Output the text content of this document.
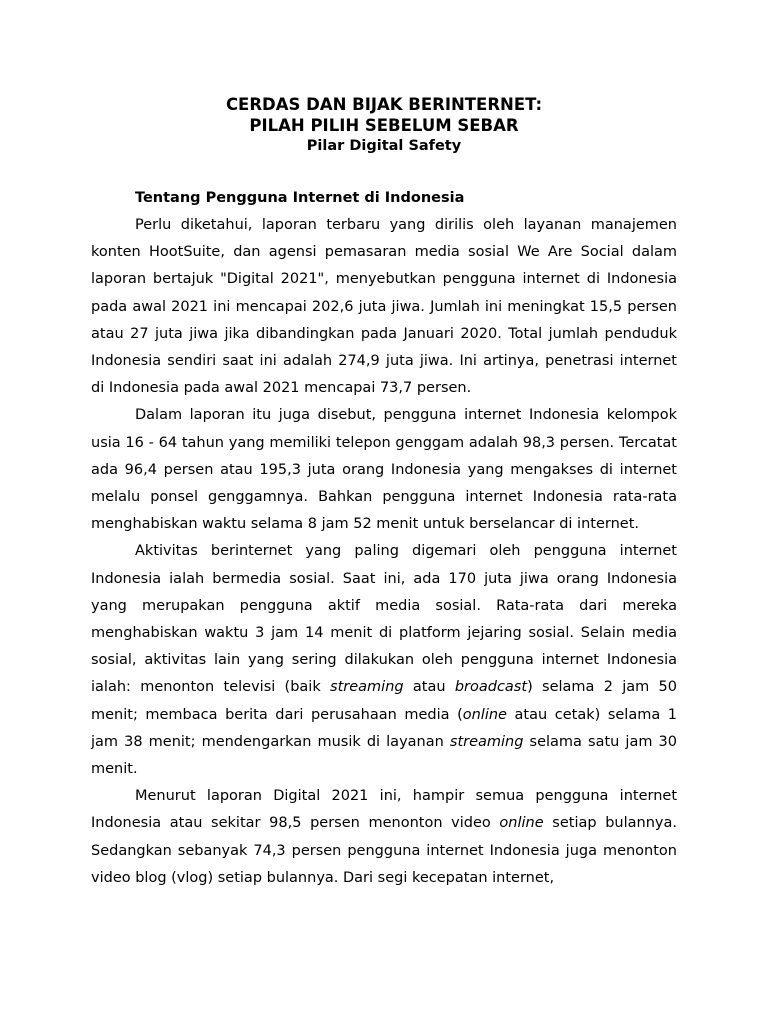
CERDAS DAN BIJAK BERINTERNET:
PILAH PILIH SEBELUM SEBAR
Pilar Digital Safety
Tentang Pengguna Internet di Indonesia

Perlu diketahui, laporan terbaru yang dirilis oleh layanan manajemen konten HootSuite, dan agensi pemasaran media sosial We Are Social dalam laporan bertajuk "Digital 2021", menyebutkan pengguna internet di Indonesia pada awal 2021 ini mencapai 202,6 juta jiwa. Jumlah ini meningkat 15,5 persen atau 27 juta jiwa jika dibandingkan pada Januari 2020. Total jumlah penduduk Indonesia sendiri saat ini adalah 274,9 juta jiwa. Ini artinya, penetrasi internet di Indonesia pada awal 2021 mencapai 73,7 persen.

Dalam laporan itu juga disebut, pengguna internet Indonesia kelompok usia 16 - 64 tahun yang memiliki telepon genggam adalah 98,3 persen. Tercatat ada 96,4 persen atau 195,3 juta orang Indonesia yang mengakses di internet melalu ponsel genggamnya. Bahkan pengguna internet Indonesia rata-rata menghabiskan waktu selama 8 jam 52 menit untuk berselancar di internet.

Aktivitas berinternet yang paling digemari oleh pengguna internet Indonesia ialah bermedia sosial. Saat ini, ada 170 juta jiwa orang Indonesia yang merupakan pengguna aktif media sosial. Rata-rata dari mereka menghabiskan waktu 3 jam 14 menit di platform jejaring sosial. Selain media sosial, aktivitas lain yang sering dilakukan oleh pengguna internet Indonesia ialah: menonton televisi (baik streaming atau broadcast) selama 2 jam 50 menit; membaca berita dari perusahaan media (online atau cetak) selama 1 jam 38 menit; mendengarkan musik di layanan streaming selama satu jam 30 menit.

Menurut laporan Digital 2021 ini, hampir semua pengguna internet Indonesia atau sekitar 98,5 persen menonton video online setiap bulannya. Sedangkan sebanyak 74,3 persen pengguna internet Indonesia juga menonton video blog (vlog) setiap bulannya. Dari segi kecepatan internet,
